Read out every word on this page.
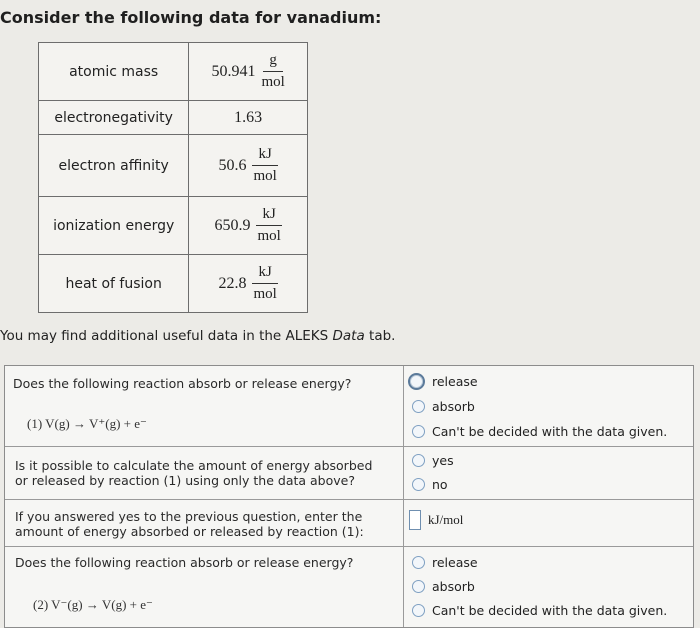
Consider the following data for vanadium:
atomic mass	$50.941 \frac{g}{\text{mol}}$

electronegativity	1.63

electron affinity	$50.6 \frac{kJ}{\text{mol}}$

ionization energy	$650.9 \frac{kJ}{\text{mol}}$

heat of fusion	$22.8 \frac{kJ}{\text{mol}}$
You may find additional useful data in the ALEKS Data tab.
Does the following reaction absorb or release energy?
(1) V(g) → V⁺(g) + e⁻
release
absorb
Can't be decided with the data given.
Is it possible to calculate the amount of energy absorbed
or released by reaction (1) using only the data above?
yes
no
If you answered yes to the previous question, enter the
amount of energy absorbed or released by reaction (1):
kJ/mol
Does the following reaction absorb or release energy?
(2) V⁻(g) → V(g) + e⁻
release
absorb
Can't be decided with the data given.
